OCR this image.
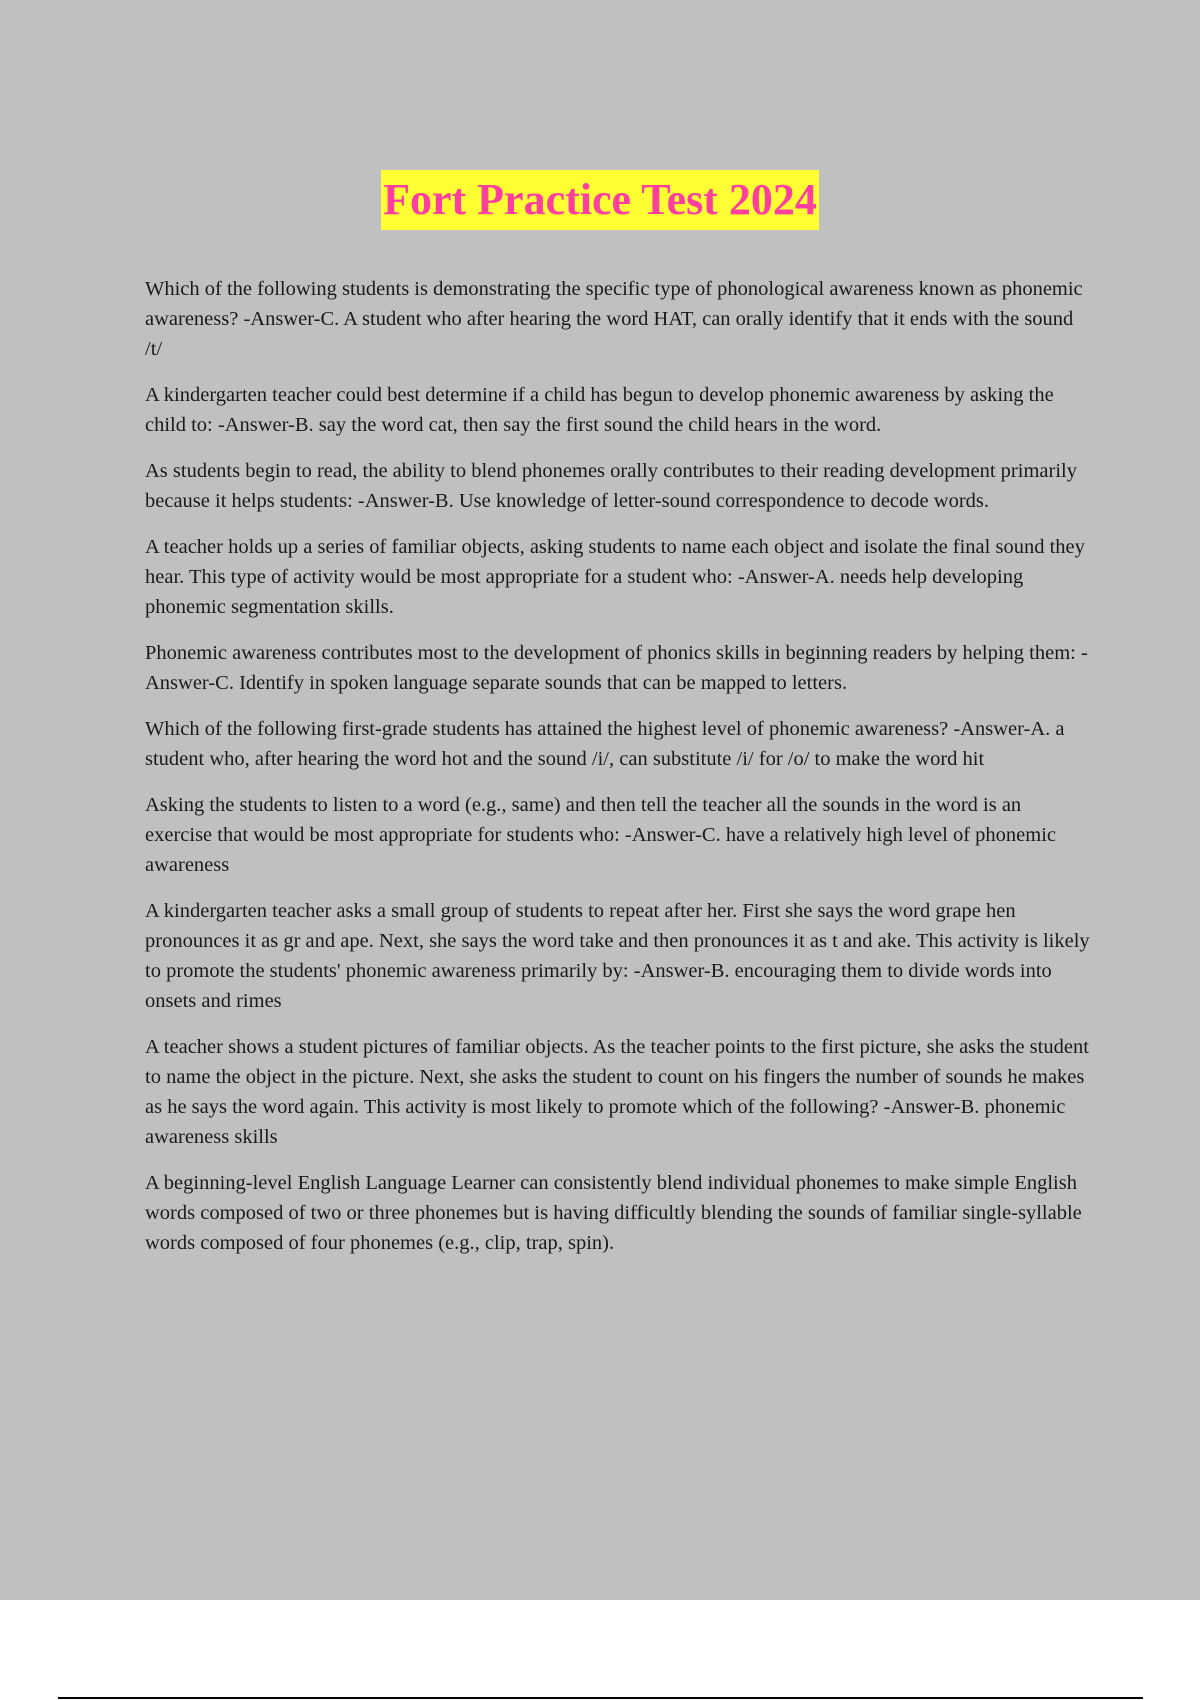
Fort Practice Test 2024

Which of the following students is demonstrating the specific type of phonological awareness known as phonemic awareness? -Answer-C. A student who after hearing the word HAT, can orally identify that it ends with the sound /t/

A kindergarten teacher could best determine if a child has begun to develop phonemic awareness by asking the child to: -Answer-B. say the word cat, then say the first sound the child hears in the word.

As students begin to read, the ability to blend phonemes orally contributes to their reading development primarily because it helps students: -Answer-B. Use knowledge of letter-sound correspondence to decode words.

A teacher holds up a series of familiar objects, asking students to name each object and isolate the final sound they hear. This type of activity would be most appropriate for a student who: -Answer-A. needs help developing phonemic segmentation skills.

Phonemic awareness contributes most to the development of phonics skills in beginning readers by helping them: -Answer-C. Identify in spoken language separate sounds that can be mapped to letters.

Which of the following first-grade students has attained the highest level of phonemic awareness? -Answer-A. a student who, after hearing the word hot and the sound /i/, can substitute /i/ for /o/ to make the word hit

Asking the students to listen to a word (e.g., same) and then tell the teacher all the sounds in the word is an exercise that would be most appropriate for students who: -Answer-C. have a relatively high level of phonemic awareness

A kindergarten teacher asks a small group of students to repeat after her. First she says the word grape hen pronounces it as gr and ape. Next, she says the word take and then pronounces it as t and ake. This activity is likely to promote the students' phonemic awareness primarily by: -Answer-B. encouraging them to divide words into onsets and rimes

A teacher shows a student pictures of familiar objects. As the teacher points to the first picture, she asks the student to name the object in the picture. Next, she asks the student to count on his fingers the number of sounds he makes as he says the word again. This activity is most likely to promote which of the following? -Answer-B. phonemic awareness skills

A beginning-level English Language Learner can consistently blend individual phonemes to make simple English words composed of two or three phonemes but is having difficultly blending the sounds of familiar single-syllable words composed of four phonemes (e.g., clip, trap, spin).
